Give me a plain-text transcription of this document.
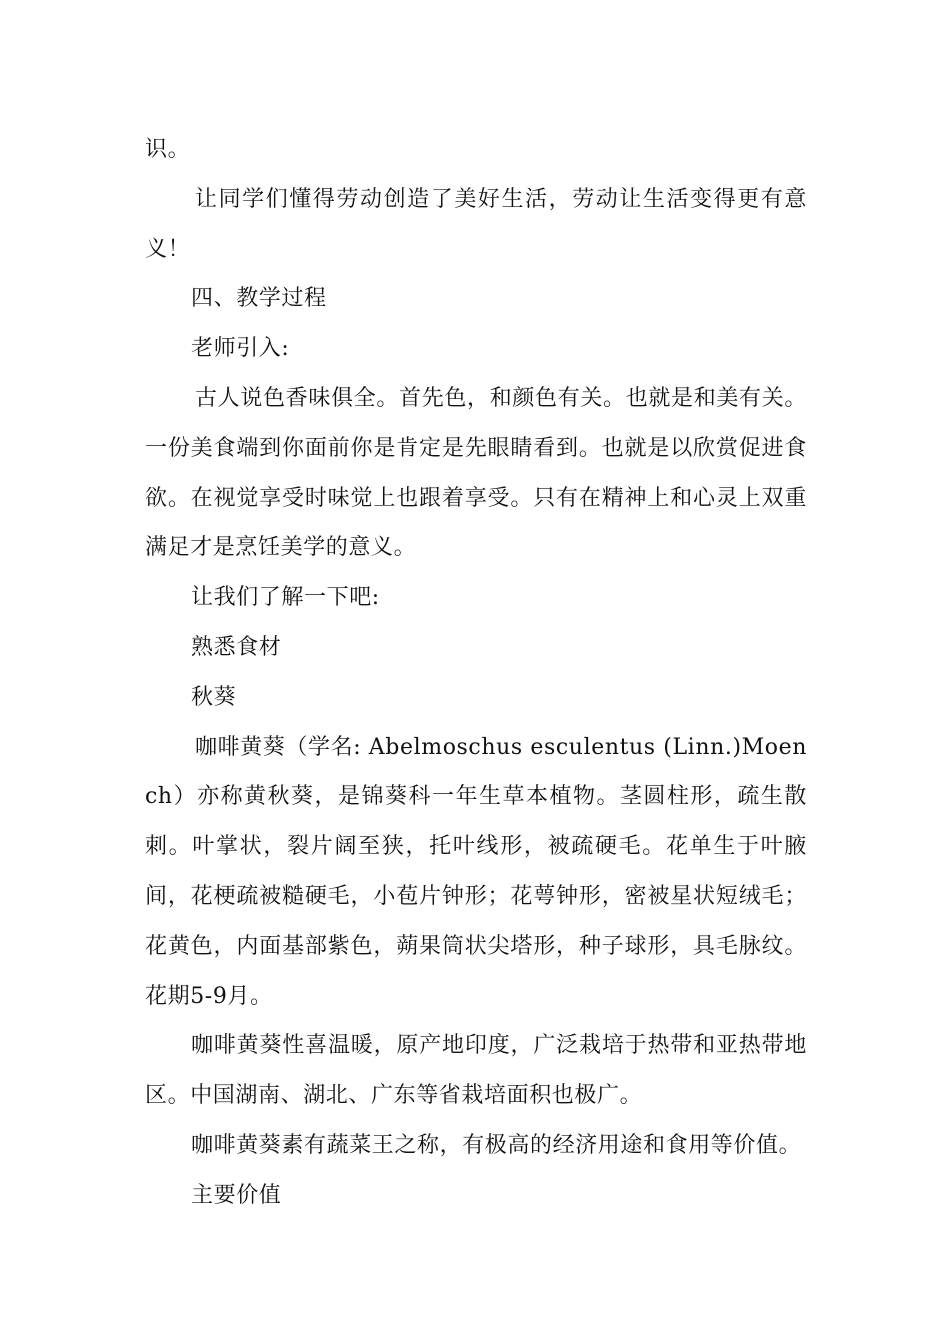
识。

让同学们懂得劳动创造了美好生活，劳动让生活变得更有意义！

四、教学过程

老师引入:

古人说色香味俱全。首先色，和颜色有关。也就是和美有关。一份美食端到你面前你是肯定是先眼睛看到。也就是以欣赏促进食欲。在视觉享受时味觉上也跟着享受。只有在精神上和心灵上双重满足才是烹饪美学的意义。

让我们了解一下吧:

熟悉食材

秋葵

咖啡黄葵（学名: Abelmoschus esculentus (Linn.)Moench）亦称黄秋葵，是锦葵科一年生草本植物。茎圆柱形，疏生散刺。叶掌状，裂片阔至狭，托叶线形，被疏硬毛。花单生于叶腋间，花梗疏被糙硬毛，小苞片钟形；花萼钟形，密被星状短绒毛；花黄色，内面基部紫色，蒴果筒状尖塔形，种子球形，具毛脉纹。花期5-9月。

咖啡黄葵性喜温暖，原产地印度，广泛栽培于热带和亚热带地区。中国湖南、湖北、广东等省栽培面积也极广。

咖啡黄葵素有蔬菜王之称，有极高的经济用途和食用等价值。

主要价值
